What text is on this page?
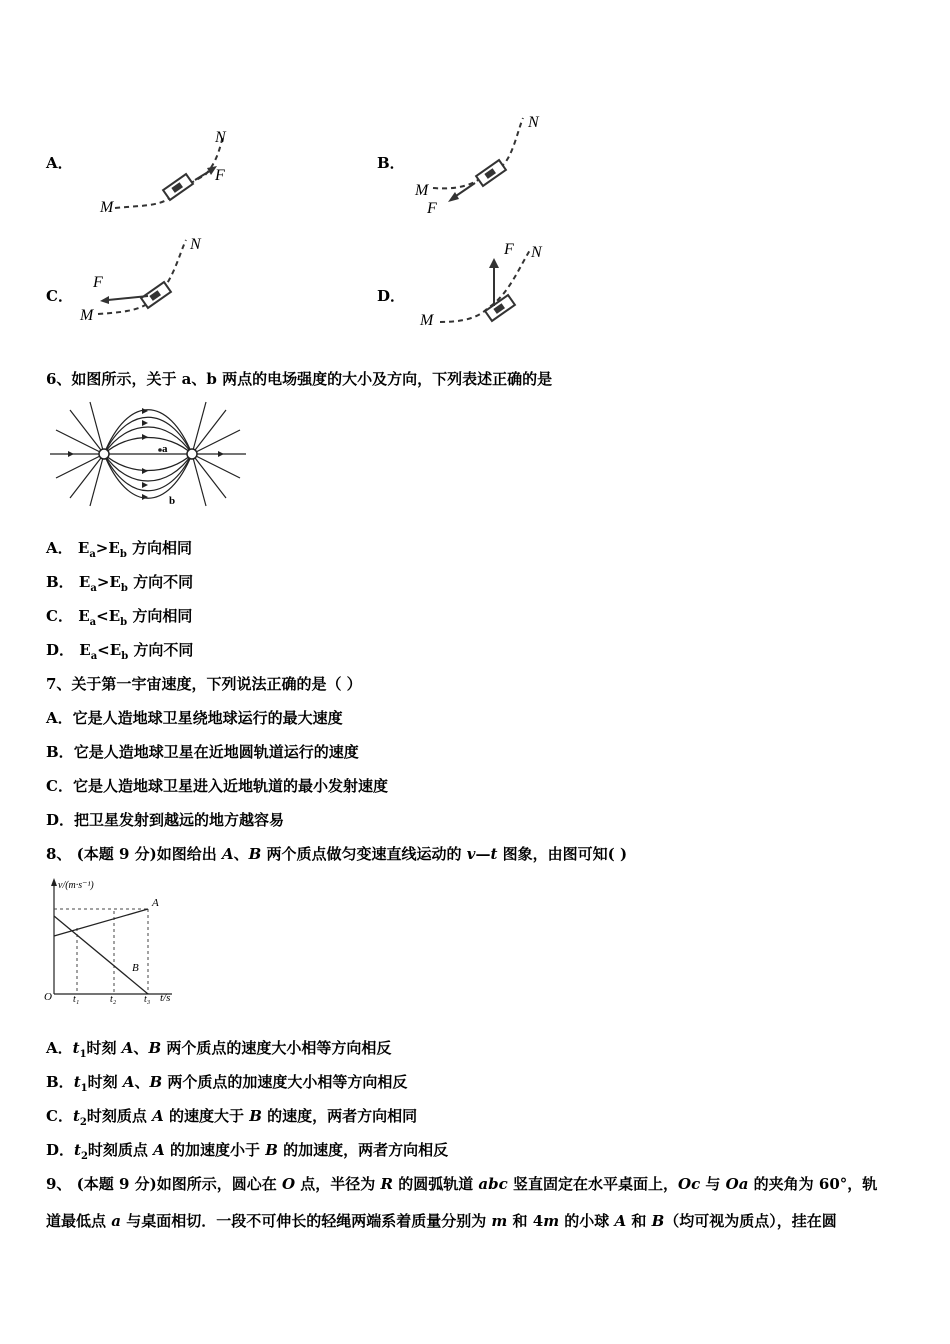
A．
M
N
F
B．
M
N
F
C．
M
N
F
D．
M
N
F
6、如图所示，关于 a、b 两点的电场强度的大小及方向，下列表述正确的是
a
b
A． $E_a>E_b$ 方向相同
B． $E_a>E_b$ 方向不同
C． $E_a<E_b$ 方向相同
D． $E_a<E_b$ 方向不同
7、关于第一宇宙速度，下列说法正确的是（ ）
A．它是人造地球卫星绕地球运行的最大速度
B．它是人造地球卫星在近地圆轨道运行的速度
C．它是人造地球卫星进入近地轨道的最小发射速度
D．把卫星发射到越远的地方越容易
8、 (本题 9 分)如图给出 A、B 两个质点做匀变速直线运动的 v—t 图象，由图可知( )
v/(m·s⁻¹)
A
B
O t₁	t₂	t₃ t/s
A．$t_1$时刻 A、B 两个质点的速度大小相等方向相反
B．$t_1$时刻 A、B 两个质点的加速度大小相等方向相反
C．$t_2$时刻质点 A 的速度大于 B 的速度，两者方向相同
D．$t_2$时刻质点 A 的加速度小于 B 的加速度，两者方向相反
9、 (本题 9 分)如图所示，圆心在 O 点，半径为 R 的圆弧轨道 abc 竖直固定在水平桌面上，Oc 与 Oa 的夹角为 60°，轨
道最低点 a 与桌面相切．一段不可伸长的轻绳两端系着质量分别为 m 和 4m 的小球 A 和 B（均可视为质点），挂在圆
